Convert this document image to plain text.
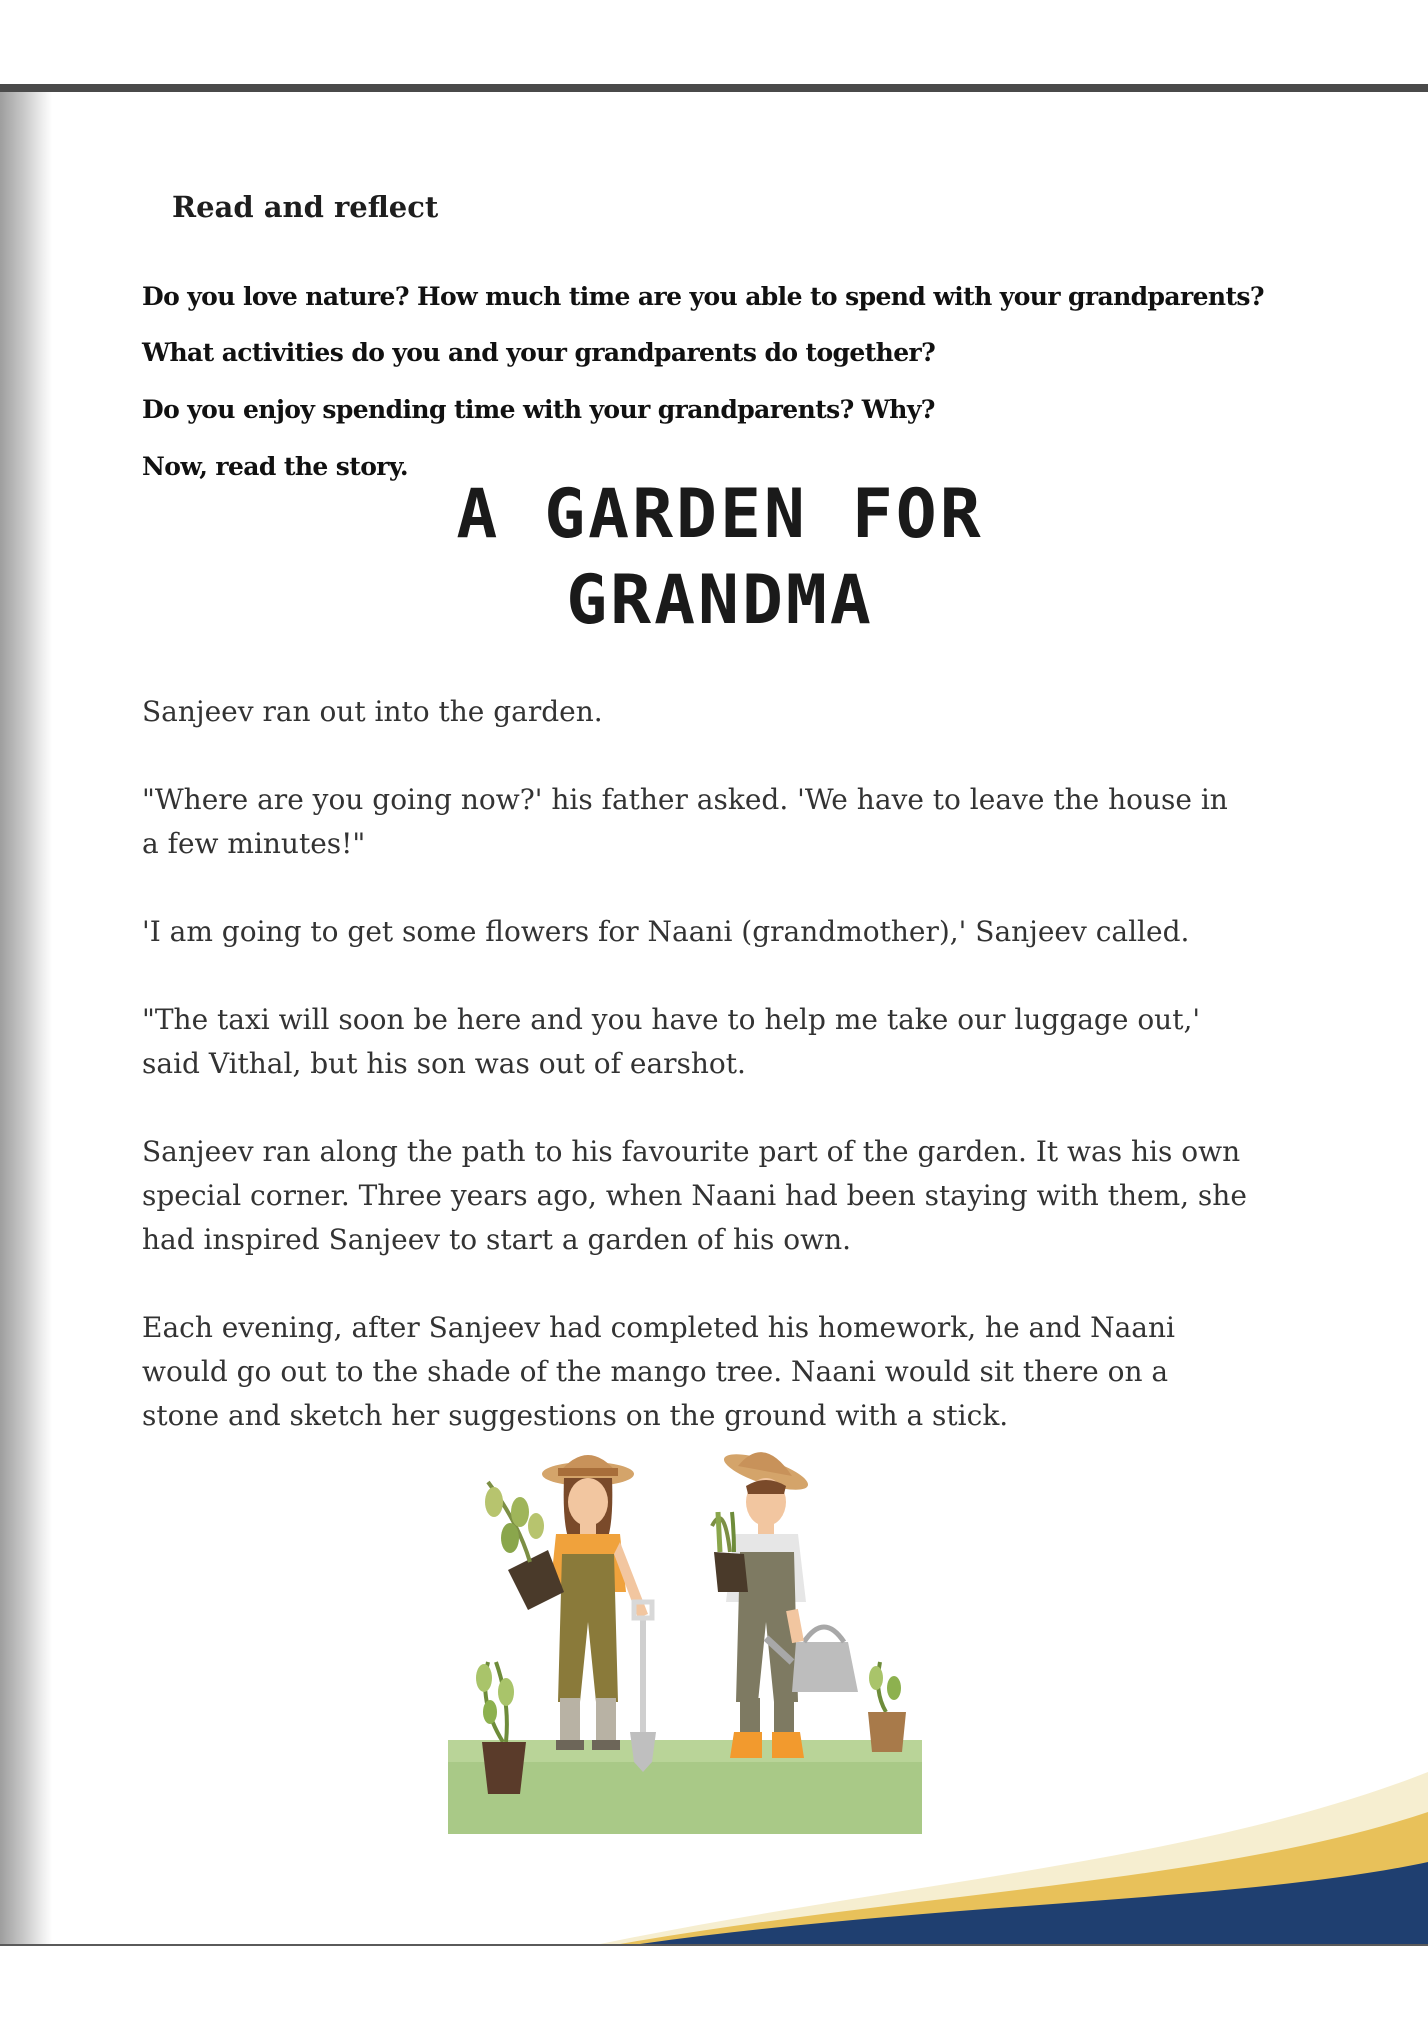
Read and reflect

Do you love nature? How much time are you able to spend with your grandparents?

What activities do you and your grandparents do together?

Do you enjoy spending time with your grandparents? Why?

Now, read the story.

A GARDEN FOR
GRANDMA

Sanjeev ran out into the garden.

"Where are you going now?' his father asked. 'We have to leave the house in a few minutes!"

'I am going to get some flowers for Naani (grandmother),' Sanjeev called.

"The taxi will soon be here and you have to help me take our luggage out,' said Vithal, but his son was out of earshot.

Sanjeev ran along the path to his favourite part of the garden. It was his own special corner. Three years ago, when Naani had been staying with them, she had inspired Sanjeev to start a garden of his own.

Each evening, after Sanjeev had completed his homework, he and Naani would go out to the shade of the mango tree. Naani would sit there on a stone and sketch her suggestions on the ground with a stick.
